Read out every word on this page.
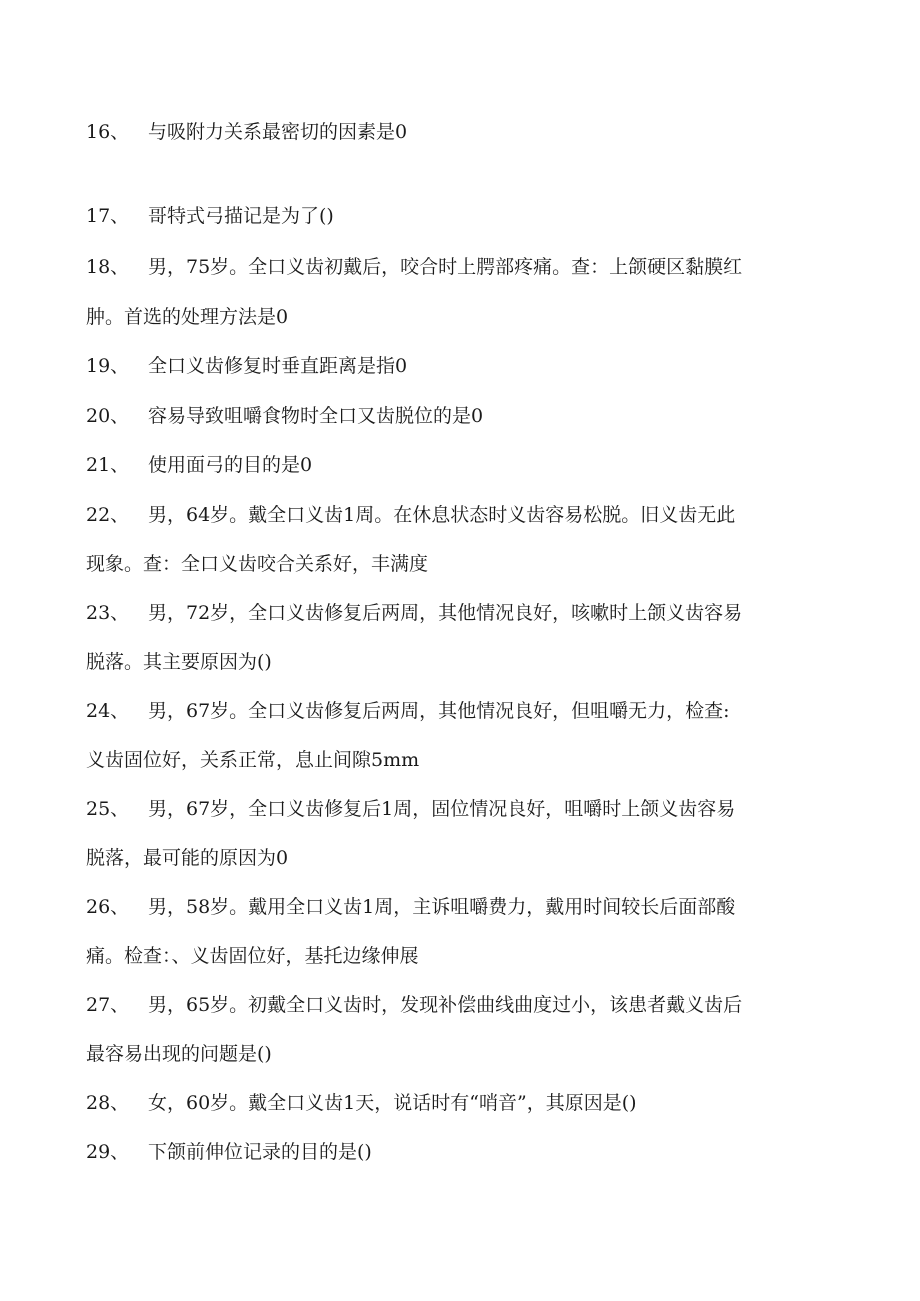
16、 与吸附力关系最密切的因素是0
17、 哥特式弓描记是为了()
18、 男，75岁。全口义齿初戴后，咬合时上腭部疼痛。查：上颌硬区黏膜红
肿。首选的处理方法是0
19、 全口义齿修复时垂直距离是指0
20、 容易导致咀嚼食物时全口又齿脱位的是0
21、 使用面弓的目的是0
22、 男，64岁。戴全口义齿1周。在休息状态时义齿容易松脱。旧义齿无此
现象。查：全口义齿咬合关系好，丰满度
23、 男，72岁，全口义齿修复后两周，其他情况良好，咳嗽时上颌义齿容易
脱落。其主要原因为()
24、 男，67岁。全口义齿修复后两周，其他情况良好，但咀嚼无力，检查:
义齿固位好，关系正常，息止间隙5mm
25、 男，67岁，全口义齿修复后1周，固位情况良好，咀嚼时上颌义齿容易
脱落，最可能的原因为0
26、 男，58岁。戴用全口义齿1周，主诉咀嚼费力，戴用时间较长后面部酸
痛。检查：、义齿固位好，基托边缘伸展
27、 男，65岁。初戴全口义齿时，发现补偿曲线曲度过小，该患者戴义齿后
最容易出现的问题是()
28、 女，60岁。戴全口义齿1天，说话时有“哨音”，其原因是()
29、 下颌前伸位记录的目的是()
